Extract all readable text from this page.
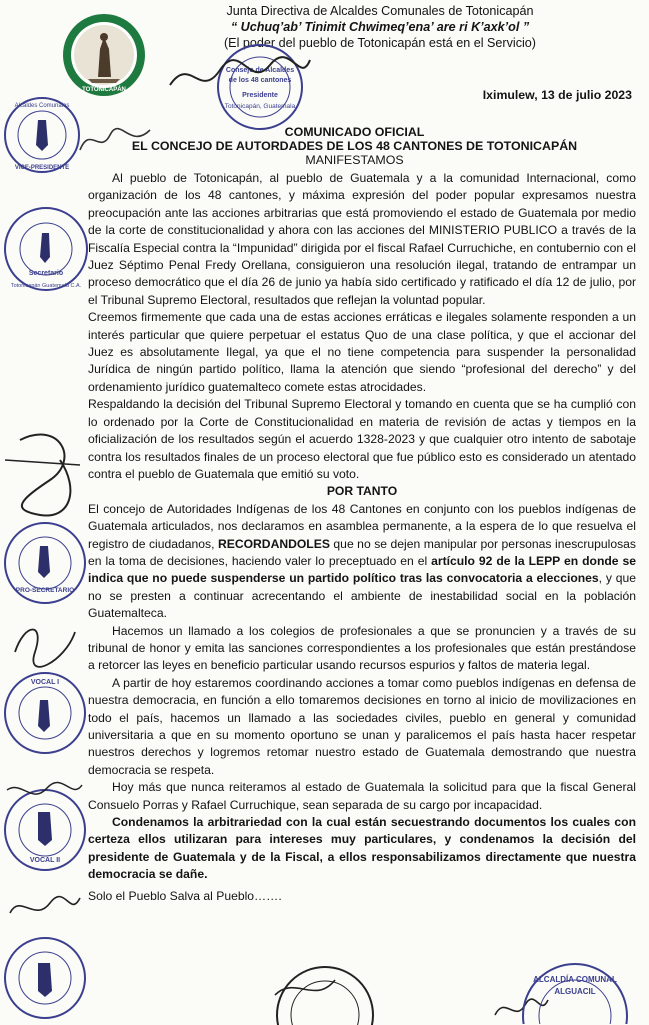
Junta Directiva de Alcaldes Comunales de Totonicapán
“ Uchuq’ab’ Tinimit Chwimeq’ena’ are ri K’axk’ol ”
(El poder del pueblo de Totonicapán está en el Servicio)
TOTONICAPÁN
Consejo de Alcaldes
de los 48 cantones
Presidente
Totonicapán, Guatemala
Iximulew, 13 de julio 2023
COMUNICADO OFICIAL
EL CONCEJO DE AUTORDADES DE LOS 48 CANTONES DE TOTONICAPÁN
MANIFESTAMOS
Alcaldes Comunales
VICE-PRESIDENTE
Secretario
Totonicapán Guatemala C.A.
PRO-SECRETARIO
VOCAL I
VOCAL II
ALCALDÍA COMUNAL
ALGUACIL

Al pueblo de Totonicapán, al pueblo de Guatemala y a la comunidad Internacional, como organización de los 48 cantones, y máxima expresión del poder popular expresamos nuestra preocupación ante las acciones arbitrarias que está promoviendo el estado de Guatemala por medio de la corte de constitucionalidad y ahora con las acciones del MINISTERIO PUBLICO a través de la Fiscalía Especial contra la “Impunidad” dirigida por el fiscal Rafael Curruchiche, en contubernio con el Juez Séptimo Penal Fredy Orellana, consiguieron una resolución ilegal, tratando de entrampar un proceso democrático que el día 26 de junio ya había sido certificado y ratificado el día 12 de julio, por el Tribunal Supremo Electoral, resultados que reflejan la voluntad popular.

Creemos firmemente que cada una de estas acciones erráticas e ilegales solamente responden a un interés particular que quiere perpetuar el estatus Quo de una clase política, y que el accionar del Juez es absolutamente Ilegal, ya que el no tiene competencia para suspender la personalidad Jurídica de ningún partido político, llama la atención que siendo “profesional del derecho” y del ordenamiento jurídico guatemalteco comete estas atrocidades.

Respaldando la decisión del Tribunal Supremo Electoral y tomando en cuenta que se ha cumplió con lo ordenado por la Corte de Constitucionalidad en materia de revisión de actas y tiempos en la oficialización de los resultados según el acuerdo 1328-2023 y que cualquier otro intento de sabotaje contra los resultados finales de un proceso electoral que fue público esto es considerado un atentado contra el pueblo de Guatemala que emitió su voto.

POR TANTO

El concejo de Autoridades Indígenas de los 48 Cantones en conjunto con los pueblos indígenas de Guatemala articulados, nos declaramos en asamblea permanente, a la espera de lo que resuelva el registro de ciudadanos, RECORDANDOLES que no se dejen manipular por personas inescrupulosas en la toma de decisiones, haciendo valer lo preceptuado en el artículo 92 de la LEPP en donde se indica que no puede suspenderse un partido político tras las convocatoria a elecciones, y que no se presten a continuar acrecentando el ambiente de inestabilidad social en la población Guatemalteca.

Hacemos un llamado a los colegios de profesionales a que se pronuncien y a través de su tribunal de honor y emita las sanciones correspondientes a los profesionales que están prestándose a retorcer las leyes en beneficio particular usando recursos espurios y faltos de materia legal.

A partir de hoy estaremos coordinando acciones a tomar como pueblos indígenas en defensa de nuestra democracia, en función a ello tomaremos decisiones en torno al inicio de movilizaciones en todo el país, hacemos un llamado a las sociedades civiles, pueblo en general y comunidad universitaria a que en su momento oportuno se unan y paralicemos el país hasta hacer respetar nuestros derechos y logremos retomar nuestro estado de Guatemala demostrando que nuestra democracia se respeta.

Hoy más que nunca reiteramos al estado de Guatemala la solicitud para que la fiscal General Consuelo Porras y Rafael Curruchique, sean separada de su cargo por incapacidad.

Condenamos la arbitrariedad con la cual están secuestrando documentos los cuales con certeza ellos utilizaran para intereses muy particulares, y condenamos la decisión del presidente de Guatemala y de la Fiscal, a ellos responsabilizamos directamente que nuestra democracia se dañe.

Solo el Pueblo Salva al Pueblo…….
